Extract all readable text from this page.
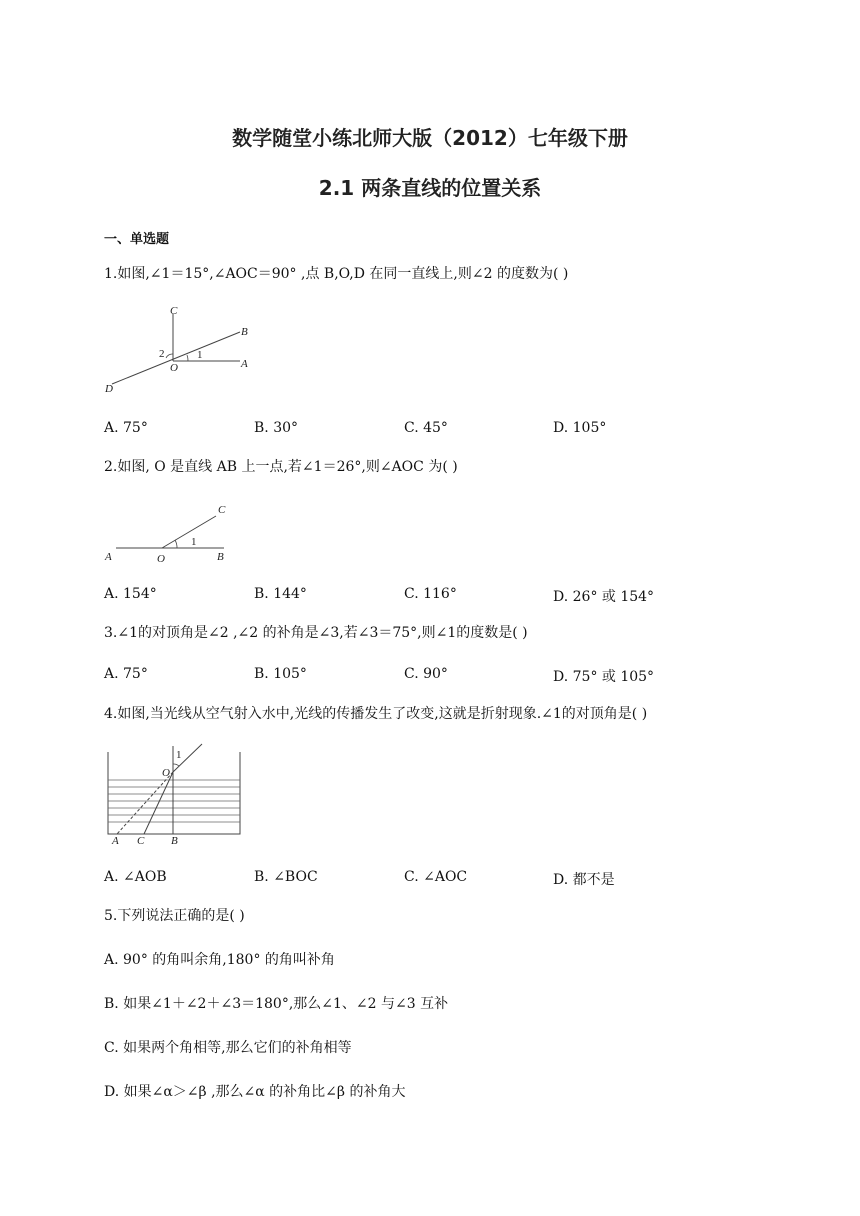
数学随堂小练北师大版（2012）七年级下册
2.1 两条直线的位置关系
一、单选题
1.如图,∠1＝15°,∠AOC＝90° ,点 B,O,D 在同一直线上,则∠2 的度数为( )
C
B
2	1
O	A
D
A. 75°	B. 30°	C. 45°	D. 105°
2.如图, O 是直线 AB 上一点,若∠1＝26°,则∠AOC 为( )
C
1
A	O	B
A. 154°	B. 144°	C. 116°	D. 26° 或 154°
3.∠1的对顶角是∠2 ,∠2 的补角是∠3,若∠3＝75°,则∠1的度数是( )
A. 75°	B. 105°	C. 90°	D. 75° 或 105°
4.如图,当光线从空气射入水中,光线的传播发生了改变,这就是折射现象.∠1的对顶角是( )
1
O
A C B
A. ∠AOB	B. ∠BOC	C. ∠AOC	D. 都不是
5.下列说法正确的是( )
A. 90° 的角叫余角,180° 的角叫补角
B. 如果∠1＋∠2＋∠3＝180°,那么∠1、∠2 与∠3 互补
C. 如果两个角相等,那么它们的补角相等
D. 如果∠α＞∠β ,那么∠α 的补角比∠β 的补角大
